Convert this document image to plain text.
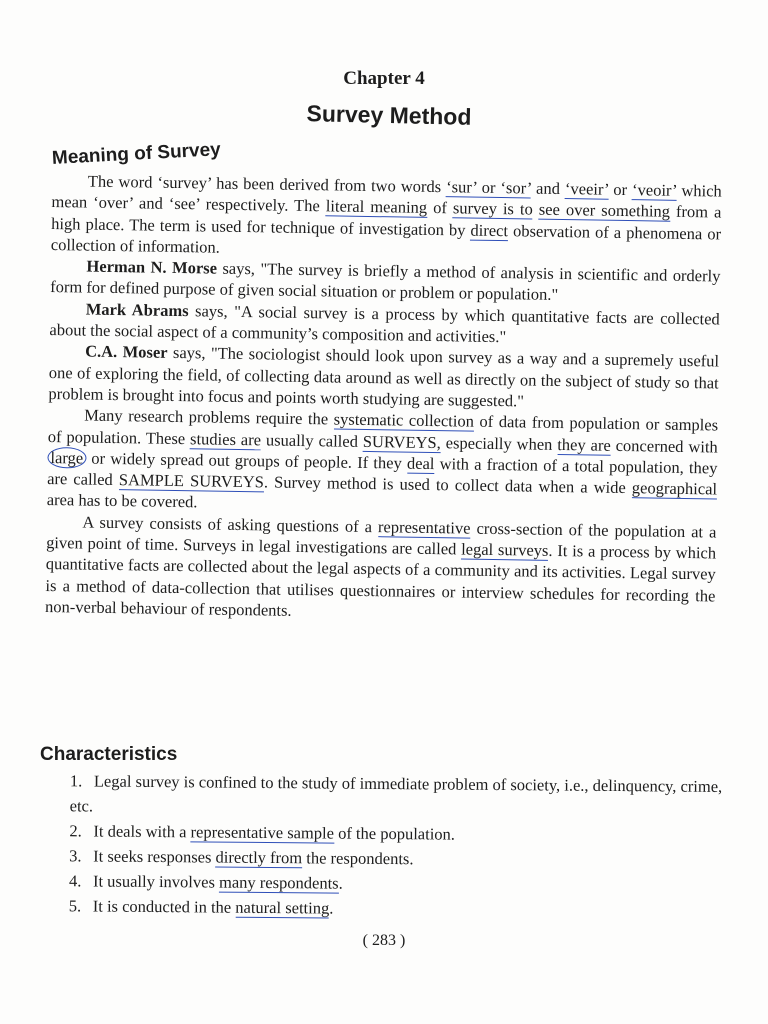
Chapter 4
Survey Method
Meaning of Survey

The word ‘survey’ has been derived from two words ‘sur’ or ‘sor’ and ‘veeir’ or ‘veoir’ which mean ‘over’ and ‘see’ respectively. The literal meaning of survey is to see over something from a high place. The term is used for technique of investigation by direct observation of a phenomena or collection of information.

Herman N. Morse says, "The survey is briefly a method of analysis in scientific and orderly form for defined purpose of given social situation or problem or population."

Mark Abrams says, "A social survey is a process by which quantitative facts are collected about the social aspect of a community’s composition and activities."

C.A. Moser says, "The sociologist should look upon survey as a way and a supremely useful one of exploring the field, of collecting data around as well as directly on the subject of study so that problem is brought into focus and points worth studying are suggested."

Many research problems require the systematic collection of data from population or samples of population. These studies are usually called SURVEYS, especially when they are concerned with large or widely spread out groups of people. If they deal with a fraction of a total population, they are called SAMPLE SURVEYS. Survey method is used to collect data when a wide geographical area has to be covered.

A survey consists of asking questions of a representative cross-section of the population at a given point of time. Surveys in legal investigations are called legal surveys. It is a process by which quantitative facts are collected about the legal aspects of a community and its activities. Legal survey is a method of data-collection that utilises questionnaires or interview schedules for recording the non-verbal behaviour of respondents.

Characteristics

1. Legal survey is confined to the study of immediate problem of society, i.e., delinquency, crime, etc.

2. It deals with a representative sample of the population.

3. It seeks responses directly from the respondents.

4. It usually involves many respondents.

5. It is conducted in the natural setting.

( 283 )
